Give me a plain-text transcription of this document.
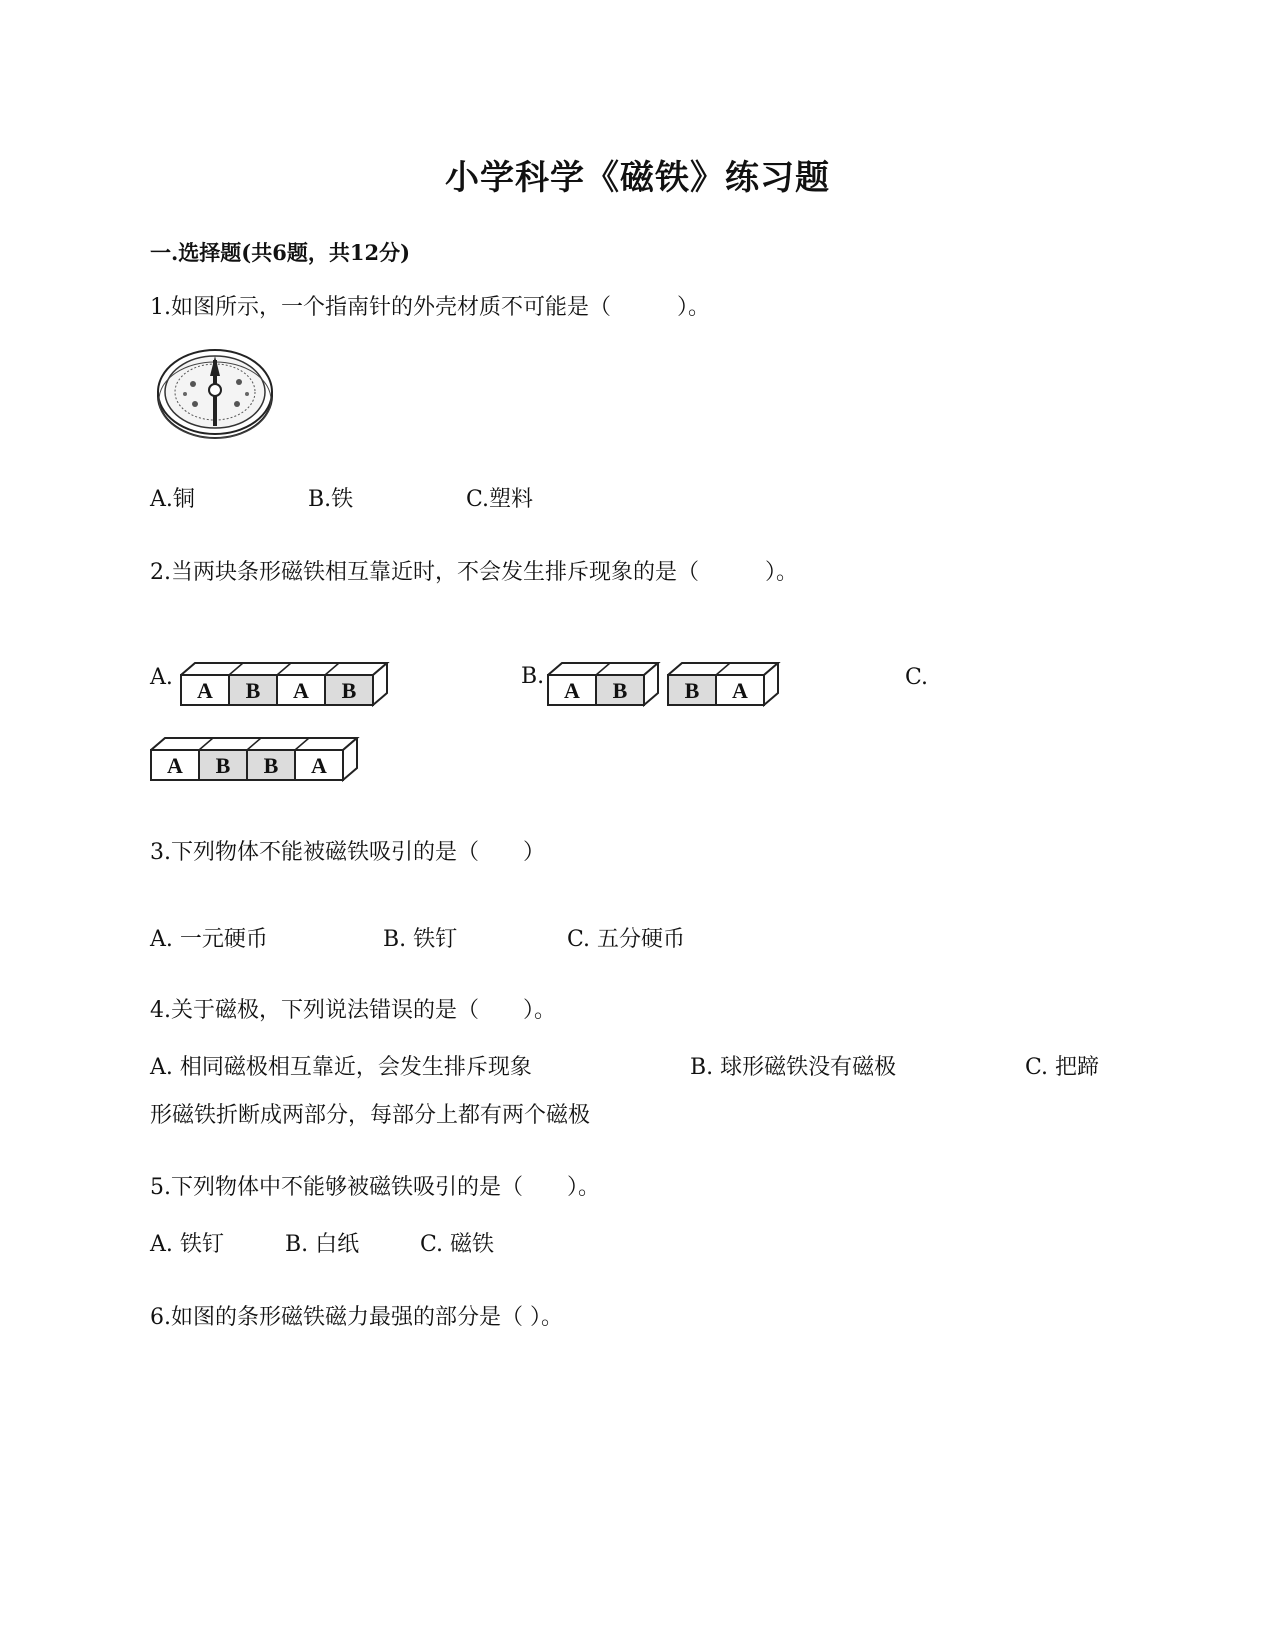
小学科学《磁铁》练习题
一.选择题(共6题，共12分)
1.如图所示，一个指南针的外壳材质不可能是（　　　）。
A.铜	B.铁	C.塑料
2.当两块条形磁铁相互靠近时，不会发生排斥现象的是（　　　）。
A.
A B A B
B.
A B	B A
C.
A B B A
3.下列物体不能被磁铁吸引的是（　　）
A. 一元硬币	B. 铁钉	C. 五分硬币
4.关于磁极，下列说法错误的是（　　）。
A. 相同磁极相互靠近，会发生排斥现象	B. 球形磁铁没有磁极	C. 把蹄
形磁铁折断成两部分，每部分上都有两个磁极
5.下列物体中不能够被磁铁吸引的是（　　）。
A. 铁钉	B. 白纸	C. 磁铁
6.如图的条形磁铁磁力最强的部分是（ ）。
